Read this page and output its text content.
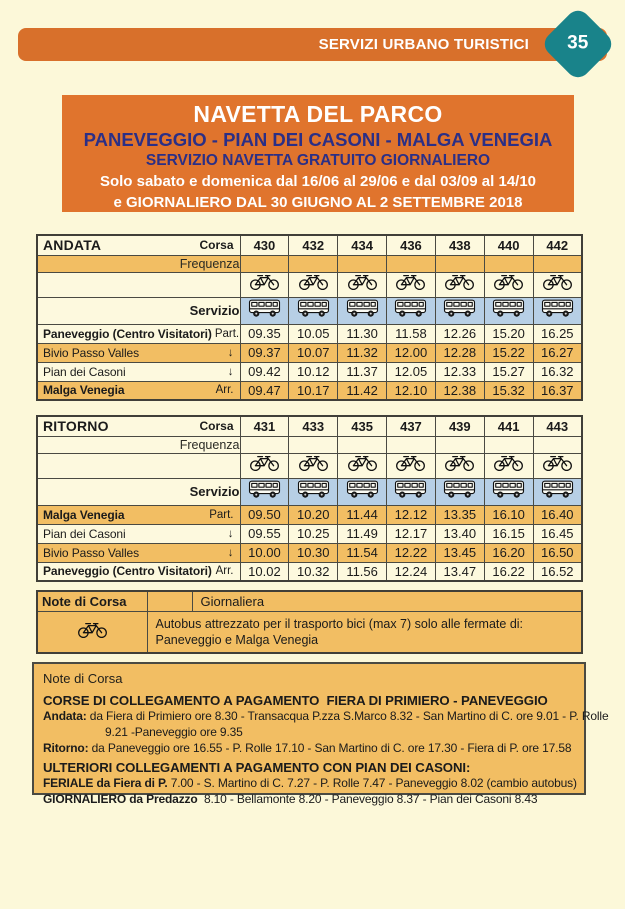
SERVIZI URBANO TURISTICI 35
NAVETTA DEL PARCO
PANEVEGGIO - PIAN DEI CASONI - MALGA VENEGIA
SERVIZIO NAVETTA GRATUITO GIORNALIERO
Solo sabato e domenica dal 16/06 al 29/06 e dal 03/09 al 14/10
e GIORNALIERO DAL 30 GIUGNO AL 2 SETTEMBRE 2018
ANDATA Corsa	430	432	434	436	438	440	442
Frequenza							

Servizio							

Paneveggio (Centro Visitatori) Part.	09.35	10.05	11.30	11.58	12.26	15.20	16.25

Bivio Passo Valles ↓	09.37	10.07	11.32	12.00	12.28	15.22	16.27

Pian dei Casoni ↓	09.42	10.12	11.37	12.05	12.33	15.27	16.32

Malga Venegia Arr.	09.47	10.17	11.42	12.10	12.38	15.32	16.37
RITORNO Corsa	431	433	435	437	439	441	443
Frequenza							

Servizio							

Malga Venegia Part.	09.50	10.20	11.44	12.12	13.35	16.10	16.40

Pian dei Casoni ↓	09.55	10.25	11.49	12.17	13.40	16.15	16.45

Bivio Passo Valles ↓	10.00	10.30	11.54	12.22	13.45	16.20	16.50

Paneveggio (Centro Visitatori) Arr.	10.02	10.32	11.56	12.24	13.47	16.22	16.52
Note di Corsa		Giornaliera
	Autobus attrezzato per il trasporto bici (max 7) solo alle fermate di: Paneveggio e Malga Venegia	
Note di Corsa
CORSE DI COLLEGAMENTO A PAGAMENTO  FIERA DI PRIMIERO - PANEVEGGIO
Andata: da Fiera di Primiero ore 8.30 - Transacqua P.zza S.Marco 8.32 - San Martino di C. ore 9.01 - P. Rolle 9.21 -Paneveggio ore 9.35
Ritorno: da Paneveggio ore 16.55 - P. Rolle 17.10 - San Martino di C. ore 17.30 - Fiera di P. ore 17.58
ULTERIORI COLLEGAMENTI A PAGAMENTO CON PIAN DEI CASONI:
FERIALE da Fiera di P. 7.00 - S. Martino di C. 7.27 - P. Rolle 7.47 - Paneveggio 8.02 (cambio autobus)
GIORNALIERO da Predazzo  8.10 - Bellamonte 8.20 - Paneveggio 8.37 - Pian dei Casoni 8.43
